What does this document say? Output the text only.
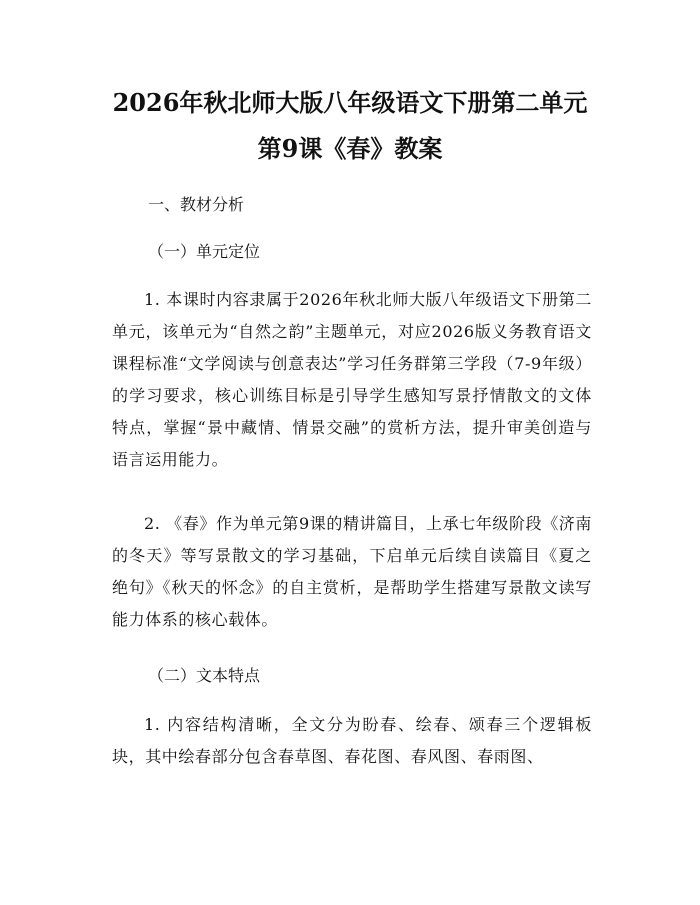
2026年秋北师大版八年级语文下册第二单元
第9课《春》教案
一、教材分析
（一）单元定位
1. 本课时内容隶属于2026年秋北师大版八年级语文下册第二单元，该单元为“自然之韵”主题单元，对应2026版义务教育语文课程标准“文学阅读与创意表达”学习任务群第三学段（7-9年级）的学习要求，核心训练目标是引导学生感知写景抒情散文的文体特点，掌握“景中藏情、情景交融”的赏析方法，提升审美创造与语言运用能力。
2. 《春》作为单元第9课的精讲篇目，上承七年级阶段《济南的冬天》等写景散文的学习基础，下启单元后续自读篇目《夏之绝句》《秋天的怀念》的自主赏析，是帮助学生搭建写景散文读写能力体系的核心载体。
（二）文本特点
1. 内容结构清晰，全文分为盼春、绘春、颂春三个逻辑板块，其中绘春部分包含春草图、春花图、春风图、春雨图、
